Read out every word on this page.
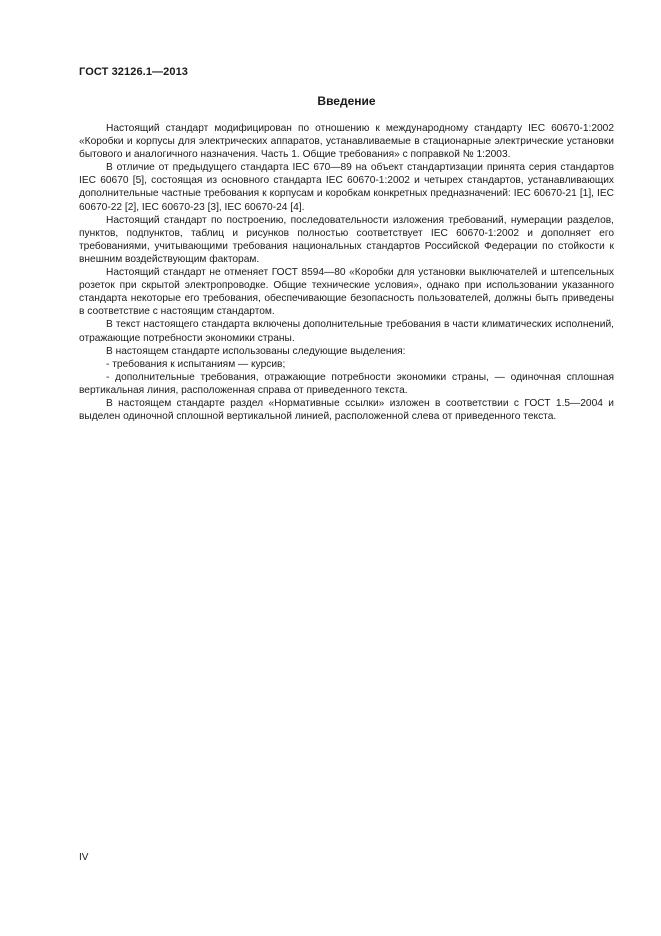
ГОСТ 32126.1—2013
Введение

Настоящий стандарт модифицирован по отношению к международному стандарту IEC 60670-1:2002 «Коробки и корпусы для электрических аппаратов, устанавливаемые в стационарные электрические установки бытового и аналогичного назначения. Часть 1. Общие требования» с поправкой № 1:2003.

В отличие от предыдущего стандарта IEC 670—89 на объект стандартизации принята серия стандартов IEC 60670 [5], состоящая из основного стандарта IEC 60670-1:2002 и четырех стандартов, устанавливающих дополнительные частные требования к корпусам и коробкам конкретных предназначений: IEC 60670-21 [1], IEC 60670-22 [2], IEC 60670-23 [3], IEC 60670-24 [4].

Настоящий стандарт по построению, последовательности изложения требований, нумерации разделов, пунктов, подпунктов, таблиц и рисунков полностью соответствует IEC 60670-1:2002 и дополняет его требованиями, учитывающими требования национальных стандартов Российской Федерации по стойкости к внешним воздействующим факторам.

Настоящий стандарт не отменяет ГОСТ 8594—80 «Коробки для установки выключателей и штепсельных розеток при скрытой электропроводке. Общие технические условия», однако при использовании указанного стандарта некоторые его требования, обеспечивающие безопасность пользователей, должны быть приведены в соответствие с настоящим стандартом.

В текст настоящего стандарта включены дополнительные требования в части климатических исполнений, отражающие потребности экономики страны.

В настоящем стандарте использованы следующие выделения:

- требования к испытаниям — курсив;

- дополнительные требования, отражающие потребности экономики страны, — одиночная сплошная вертикальная линия, расположенная справа от приведенного текста.

В настоящем стандарте раздел «Нормативные ссылки» изложен в соответствии с ГОСТ 1.5—2004 и выделен одиночной сплошной вертикальной линией, расположенной слева от приведенного текста.

IV
